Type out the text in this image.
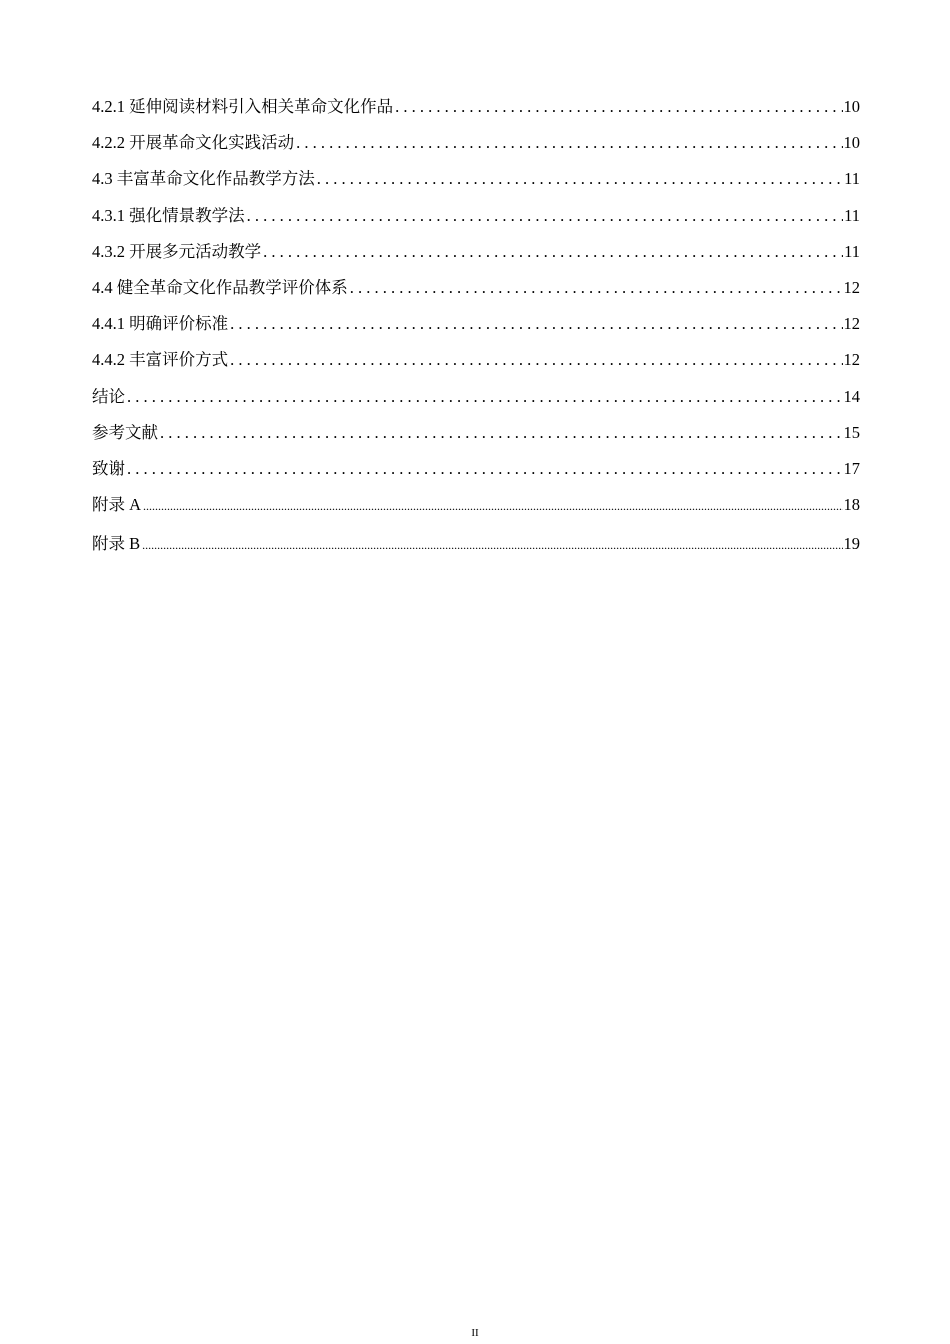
4.2.1 延伸阅读材料引入相关革命文化作品 . . .	10
4.2.2 开展革命文化实践活动 . . .	10
4.3 丰富革命文化作品教学方法 . . .	11
4.3.1 强化情景教学法 . . .	11
4.3.2 开展多元活动教学 . . .	11
4.4 健全革命文化作品教学评价体系 . . .	12
4.4.1 明确评价标准 . . .	12
4.4.2 丰富评价方式 . . .	12
结论 . . .	14
参考文献 . . .	15
致谢 . . .	17
附录 A .....	18
附录 B .....	19
II
